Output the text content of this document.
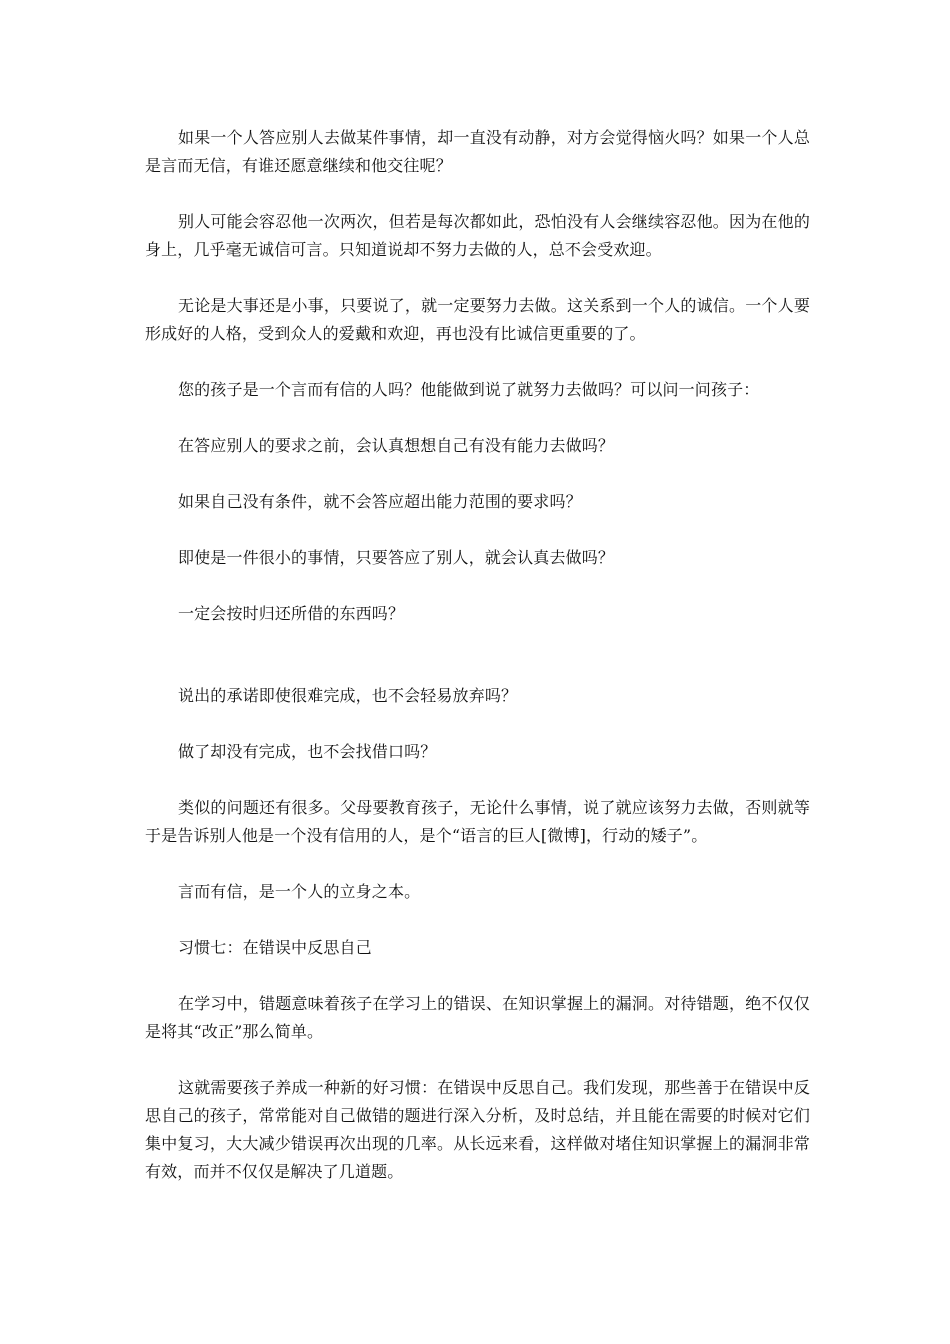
如果一个人答应别人去做某件事情，却一直没有动静，对方会觉得恼火吗？如果一个人总是言而无信，有谁还愿意继续和他交往呢？

别人可能会容忍他一次两次，但若是每次都如此，恐怕没有人会继续容忍他。因为在他的身上，几乎毫无诚信可言。只知道说却不努力去做的人，总不会受欢迎。

无论是大事还是小事，只要说了，就一定要努力去做。这关系到一个人的诚信。一个人要形成好的人格，受到众人的爱戴和欢迎，再也没有比诚信更重要的了。

您的孩子是一个言而有信的人吗？他能做到说了就努力去做吗？可以问一问孩子：

在答应别人的要求之前，会认真想想自己有没有能力去做吗？

如果自己没有条件，就不会答应超出能力范围的要求吗？

即使是一件很小的事情，只要答应了别人，就会认真去做吗？

一定会按时归还所借的东西吗？

说出的承诺即使很难完成，也不会轻易放弃吗？

做了却没有完成，也不会找借口吗？

类似的问题还有很多。父母要教育孩子，无论什么事情，说了就应该努力去做，否则就等于是告诉别人他是一个没有信用的人，是个“语言的巨人[微博]，行动的矮子”。

言而有信，是一个人的立身之本。

习惯七：在错误中反思自己

在学习中，错题意味着孩子在学习上的错误、在知识掌握上的漏洞。对待错题，绝不仅仅是将其“改正”那么简单。

这就需要孩子养成一种新的好习惯：在错误中反思自己。我们发现，那些善于在错误中反思自己的孩子，常常能对自己做错的题进行深入分析，及时总结，并且能在需要的时候对它们集中复习，大大减少错误再次出现的几率。从长远来看，这样做对堵住知识掌握上的漏洞非常有效，而并不仅仅是解决了几道题。
